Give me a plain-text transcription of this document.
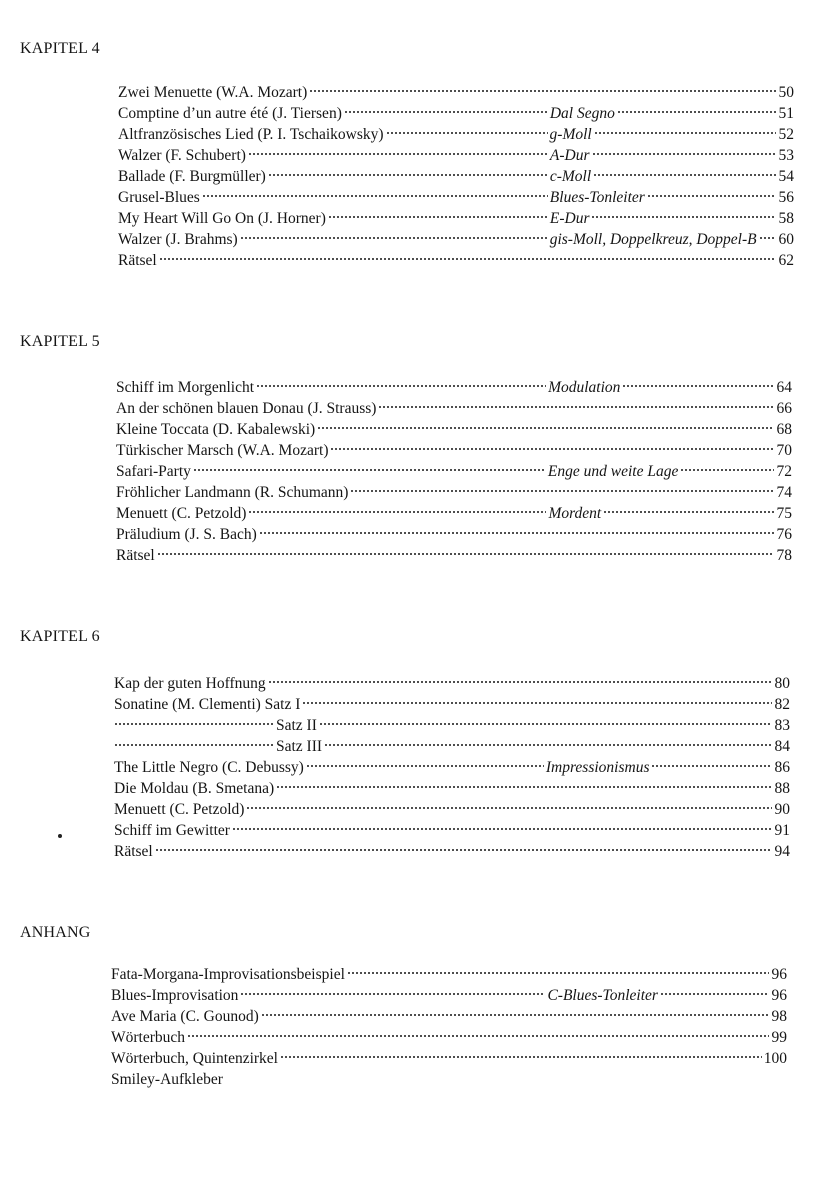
KAPITEL 4
Zwei Menuette (W.A. Mozart)	50
Comptine d’un autre été (J. Tiersen)	Dal Segno	51
Altfranzösisches Lied (P. I. Tschaikowsky)	g-Moll	52
Walzer (F. Schubert)	A-Dur	53
Ballade (F. Burgmüller)	c-Moll	54
Grusel-Blues	Blues-Tonleiter	56
My Heart Will Go On (J. Horner)	E-Dur	58
Walzer (J. Brahms)	gis-Moll, Doppelkreuz, Doppel-B 60
Rätsel	62
KAPITEL 5
Schiff im Morgenlicht	Modulation	64
An der schönen blauen Donau (J. Strauss)	66
Kleine Toccata (D. Kabalewski)	68
Türkischer Marsch (W.A. Mozart)	70
Safari-Party	Enge und weite Lage	72
Fröhlicher Landmann (R. Schumann)	74
Menuett (C. Petzold)	Mordent	75
Präludium (J. S. Bach)	76
Rätsel	78
KAPITEL 6
Kap der guten Hoffnung	80
Sonatine (M. Clementi) Satz I	82
Satz II	83
Satz III	84
The Little Negro (C. Debussy)	Impressionismus	86
Die Moldau (B. Smetana)	88
Menuett (C. Petzold)	90
Schiff im Gewitter	91
Rätsel	94
ANHANG
Fata-Morgana-Improvisationsbeispiel	96
Blues-Improvisation	C-Blues-Tonleiter	96
Ave Maria (C. Gounod)	98
Wörterbuch	99
Wörterbuch, Quintenzirkel	100
Smiley-Aufkleber
